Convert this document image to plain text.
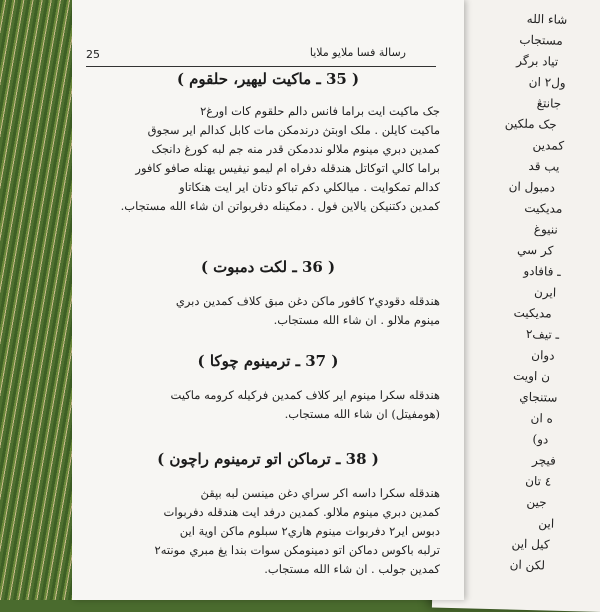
شاء الله
مستجاب
تياد برگر
ول٢ ان
جانتڠ
جک ملکين
کمدين
يب قد
دمبول ان
مديکيت
ننيوغ
کر سي
ـ فافادو
ايرن
مديکيت
ـ تيف٢
دوان
ن اويت
ستنجاي
ه ان
دو)
فيچر
٤ تان
جين
اين
کيل اين
لکن ان
25	رسالة فسا ملايو ملايا
( 35 ـ ماکيت ليهير، حلقوم )

جک ماکيت ايت براما فانس دالم حلقوم کات اورغ٢

ماکيت کايلن . ملک اوبتڽ درندمکن مات کابل کدالم اير سجوق

کمدين دبري مينوم ملالو نددمکن قدر منه جم لبه کورغ دانجک

براما کالي اتوکاتل هندقله دفراه ام ليمو نيفيس يهنله صافو کافور

کدالم تمکوايت . ميالکلي دکم تباکو دتان اير ايت هنکاتاو

کمدين دکتنيکن يالاين فول . دمکينله دفربواتن ان شاء الله مستجاب.

( 36 ـ لکت دمبوت )

هندقله دقودي٢ کافور ماکن دغن مبق کلاف کمدين دبري

مينوم ملالو . ان شاء الله مستجاب.

( 37 ـ ترمينوم چوکا )

هندقله سکرا مينوم اير کلاف کمدين فرکيله کرومه ماکيت

(هومفيتل) ان شاء الله مستجاب.

( 38 ـ ترماکن اتو ترمينوم راچون )

هندقله سکرا داسه اکر سراي دغن مينسن لبه بڽقڽ

کمدين دبري مينوم ملالو. کمدين درفد ايت هندقله دفربوات

دبوس اير٢ دفربوات مينوم هاري٢ سبلوم ماکن اوية اين

ترلبه باکوس دماکن اتو دمينومکن سوات بندا يغ مبري مونته٢

کمدين جولب . ان شاء الله مستجاب.
